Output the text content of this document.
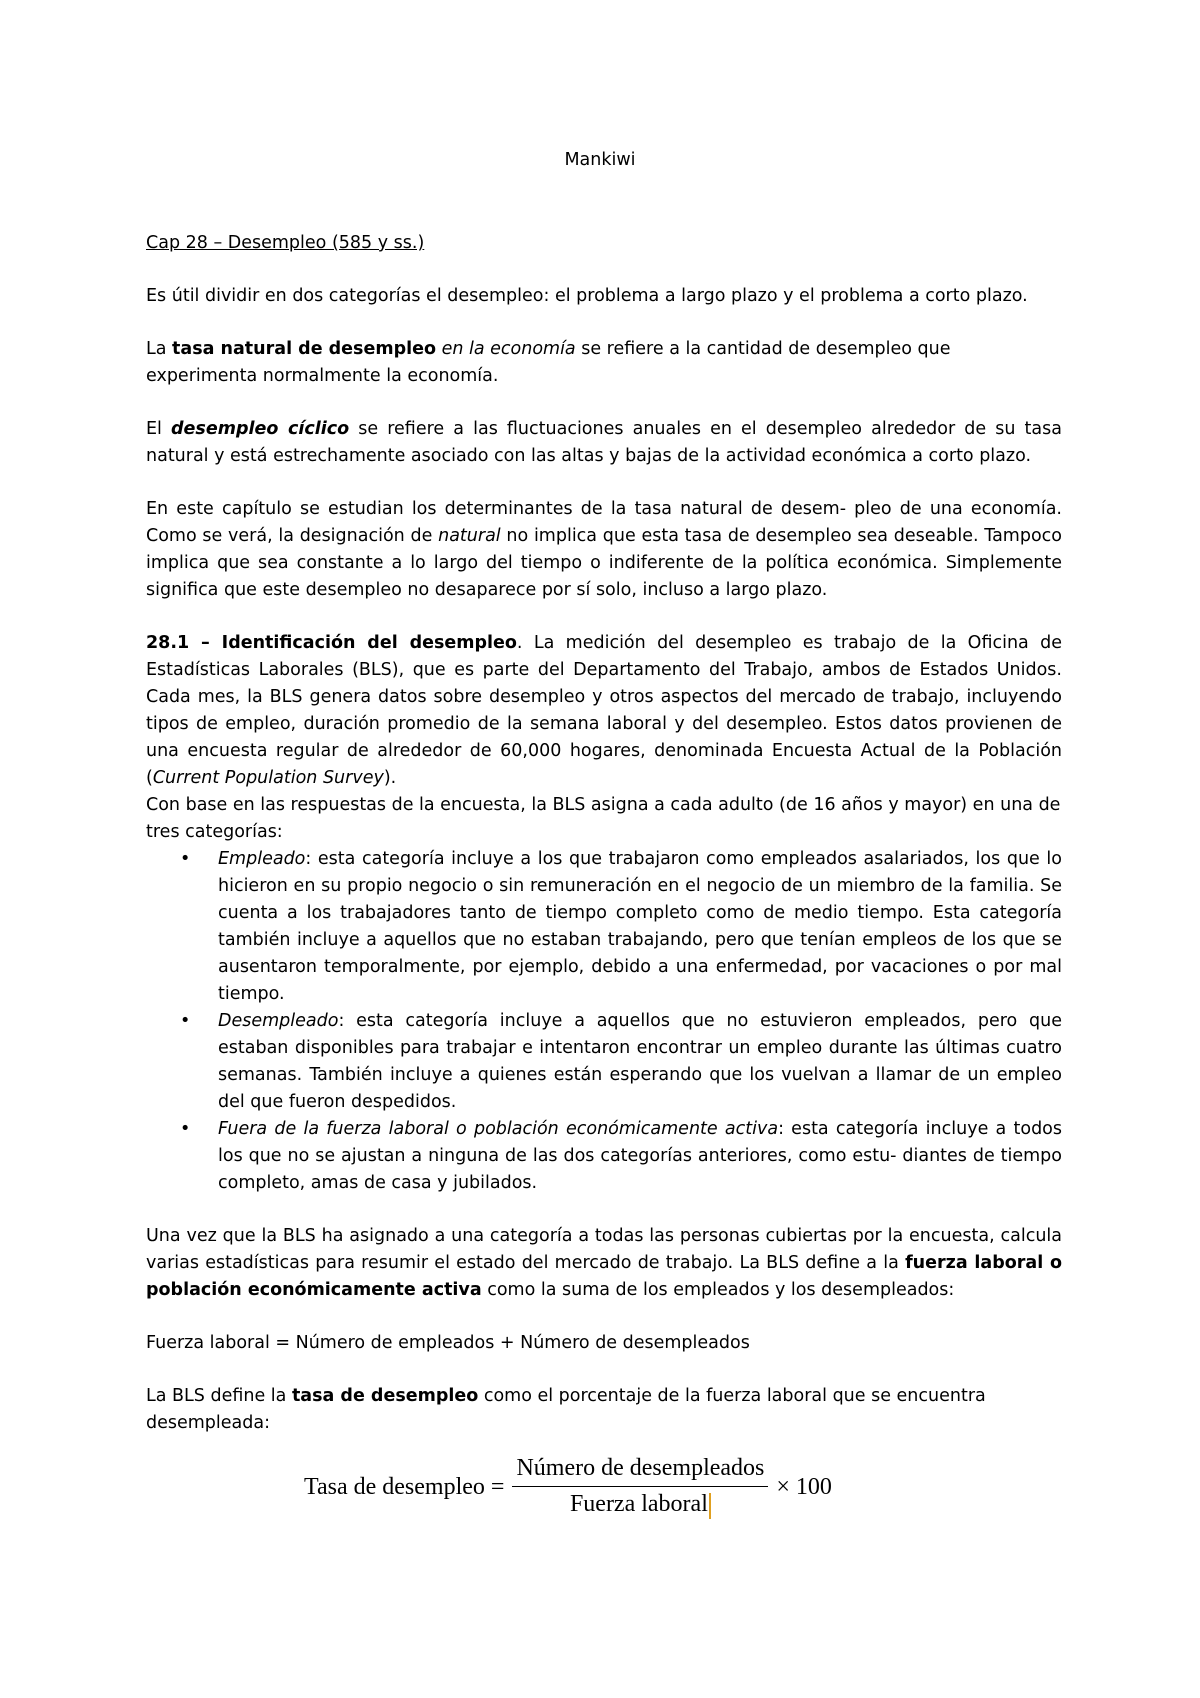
Mankiwi

Cap 28 – Desempleo (585 y ss.)

Es útil dividir en dos categorías el desempleo: el problema a largo plazo y el problema a corto plazo.

La tasa natural de desempleo en la economía se refiere a la cantidad de desempleo que experimenta normalmente la economía.

El desempleo cíclico se refiere a las fluctuaciones anuales en el desempleo alrededor de su tasa natural y está estrechamente asociado con las altas y bajas de la actividad económica a corto plazo.

En este capítulo se estudian los determinantes de la tasa natural de desem- pleo de una economía. Como se verá, la designación de natural no implica que esta tasa de desempleo sea deseable. Tampoco implica que sea constante a lo largo del tiempo o indiferente de la política económica. Simplemente significa que este desempleo no desaparece por sí solo, incluso a largo plazo.

28.1 – Identificación del desempleo. La medición del desempleo es trabajo de la Oficina de Estadísticas Laborales (BLS), que es parte del Departamento del Trabajo, ambos de Estados Unidos. Cada mes, la BLS genera datos sobre desempleo y otros aspectos del mercado de trabajo, incluyendo tipos de empleo, duración promedio de la semana laboral y del desempleo. Estos datos provienen de una encuesta regular de alrededor de 60,000 hogares, denominada Encuesta Actual de la Población (Current Population Survey).

Con base en las respuestas de la encuesta, la BLS asigna a cada adulto (de 16 años y mayor) en una de tres categorías:

• Empleado: esta categoría incluye a los que trabajaron como empleados asalariados, los que lo hicieron en su propio negocio o sin remuneración en el negocio de un miembro de la familia. Se cuenta a los trabajadores tanto de tiempo completo como de medio tiempo. Esta categoría también incluye a aquellos que no estaban trabajando, pero que tenían empleos de los que se ausentaron temporalmente, por ejemplo, debido a una enfermedad, por vacaciones o por mal tiempo.
• Desempleado: esta categoría incluye a aquellos que no estuvieron empleados, pero que estaban disponibles para trabajar e intentaron encontrar un empleo durante las últimas cuatro semanas. También incluye a quienes están esperando que los vuelvan a llamar de un empleo del que fueron despedidos.
• Fuera de la fuerza laboral o población económicamente activa: esta categoría incluye a todos los que no se ajustan a ninguna de las dos categorías anteriores, como estu- diantes de tiempo completo, amas de casa y jubilados.

Una vez que la BLS ha asignado a una categoría a todas las personas cubiertas por la encuesta, calcula varias estadísticas para resumir el estado del mercado de trabajo. La BLS define a la fuerza laboral o población económicamente activa como la suma de los empleados y los desempleados:

Fuerza laboral = Número de empleados + Número de desempleados

La BLS define la tasa de desempleo como el porcentaje de la fuerza laboral que se encuentra desempleada:

Tasa de desempleo = $\frac{\text{Número de desempleados}}{\text{Fuerza laboral}} \times 100$
